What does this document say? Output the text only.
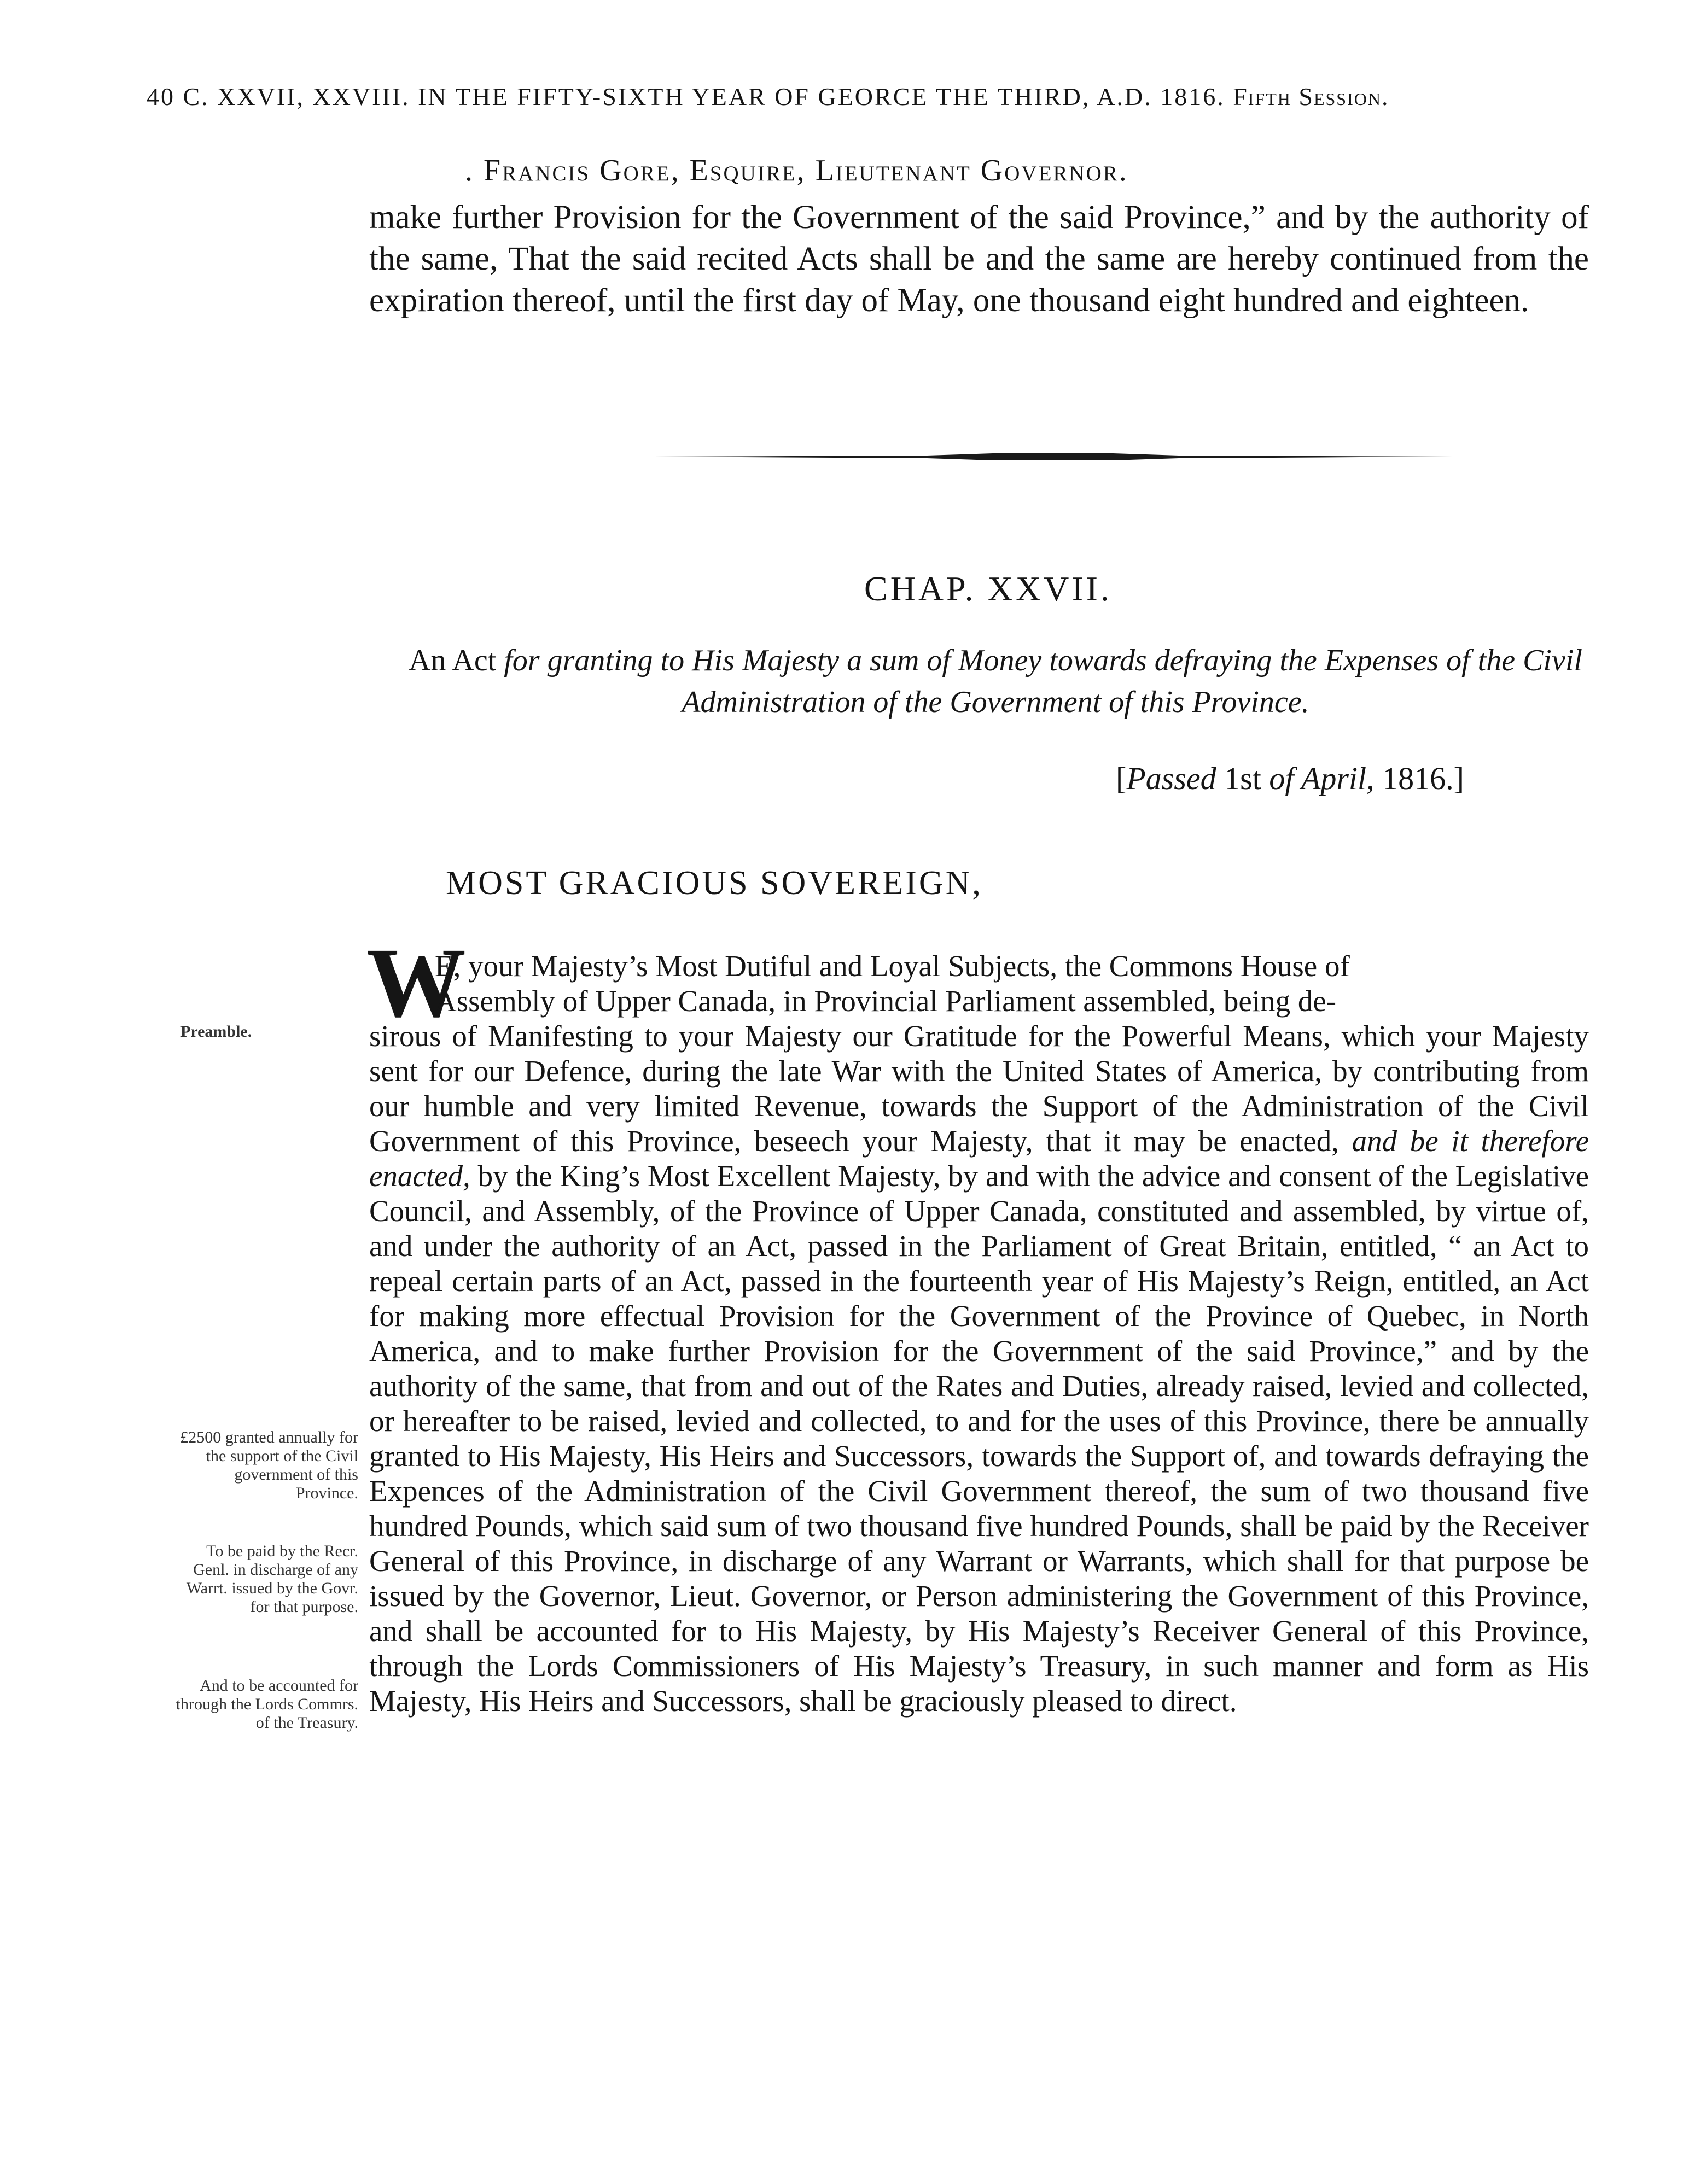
40 C. XXVII, XXVIII. IN THE FIFTY-SIXTH YEAR OF GEORCE THE THIRD, A.D. 1816. Fifth Session.
. Francis Gore, Esquire, Lieutenant Governor.
make further Provision for the Government of the said Province,” and by the authority of the same, That the said recited Acts shall be and the same are hereby continued from the expiration thereof, until the first day of May, one thousand eight hundred and eighteen.
CHAP. XXVII.
An Act for granting to His Majesty a sum of Money towards defraying the Expenses of the Civil Administration of the Government of this Province.
[Passed 1st of April, 1816.]
MOST GRACIOUS SOVEREIGN,
W
E, your Majesty’s Most Dutiful and Loyal Subjects, the Commons House of
Assembly of Upper Canada, in Provincial Parliament assembled, being de-
sirous of Manifesting to your Majesty our Gratitude for the Powerful Means, which your Majesty sent for our Defence, during the late War with the United States of America, by contributing from our humble and very limited Revenue, towards the Support of the Administration of the Civil Government of this Province, beseech your Majesty, that it may be enacted, and be it therefore enacted, by the King’s Most Excellent Majesty, by and with the advice and consent of the Legislative Council, and Assembly, of the Province of Upper Canada, constituted and assembled, by virtue of, and under the authority of an Act, passed in the Parliament of Great Britain, entitled, “ an Act to repeal certain parts of an Act, passed in the fourteenth year of His Majesty’s Reign, entitled, an Act for making more effectual Provision for the Government of the Province of Quebec, in North America, and to make further Provision for the Government of the said Province,” and by the authority of the same, that from and out of the Rates and Duties, already raised, levied and collected, or hereafter to be raised, levied and collected, to and for the uses of this Province, there be annually granted to His Majesty, His Heirs and Successors, towards the Support of, and towards defraying the Expences of the Administration of the Civil Government thereof, the sum of two thousand five hundred Pounds, which said sum of two thousand five hundred Pounds, shall be paid by the Receiver General of this Province, in discharge of any Warrant or Warrants, which shall for that purpose be issued by the Governor, Lieut. Governor, or Person administering the Government of this Province, and shall be accounted for to His Majesty, by His Majesty’s Receiver General of this Province, through the Lords Commissioners of His Majesty’s Treasury, in such manner and form as His Majesty, His Heirs and Successors, shall be graciously pleased to direct.
Preamble.
£2500 granted annually for the support of the Civil government of this Province.
To be paid by the Recr. Genl. in discharge of any Warrt. issued by the Govr. for that purpose.
And to be accounted for through the Lords Commrs. of the Treasury.
